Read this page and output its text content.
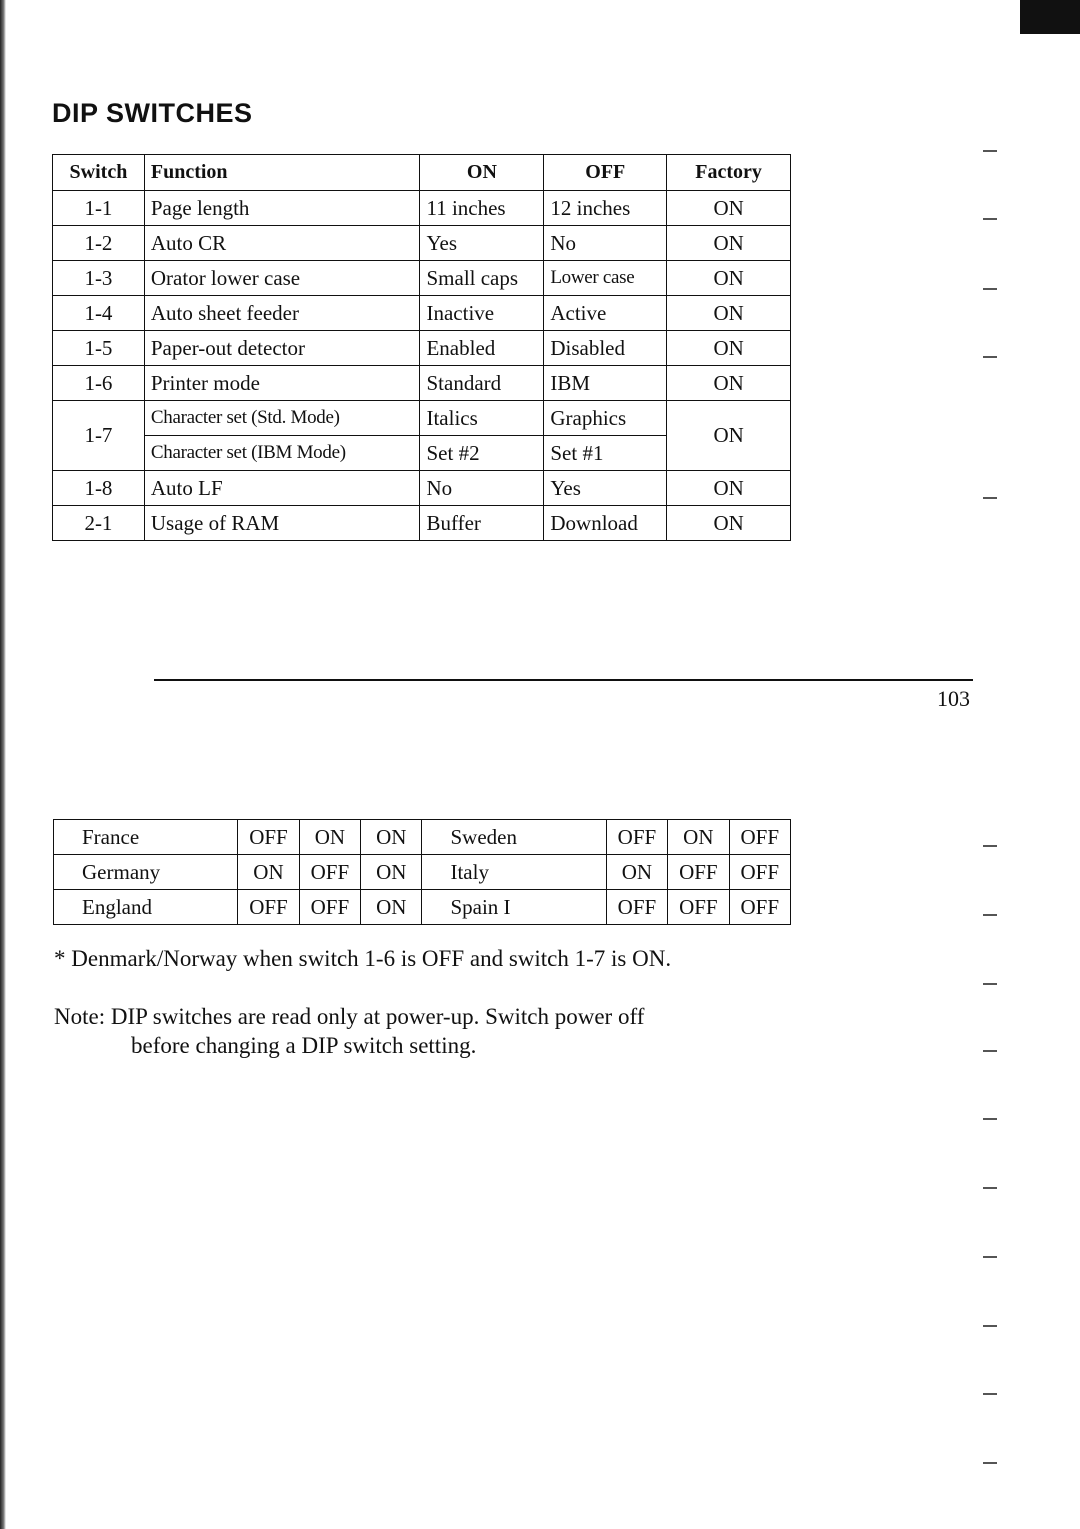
DIP SWITCHES
Switch	Function	ON	OFF	Factory
1-1	Page length	11 inches	12 inches	ON
1-2	Auto CR	Yes	No	ON
1-3	Orator lower case	Small caps	Lower case	ON
1-4	Auto sheet feeder	Inactive	Active	ON
1-5	Paper-out detector	Enabled	Disabled	ON
1-6	Printer mode	Standard	IBM	ON
1-7	Character set (Std. Mode)	Italics	Graphics	ON
	Character set (IBM Mode)	Set #2	Set #1	
1-8	Auto LF	No	Yes	ON
2-1	Usage of RAM	Buffer	Download	ON
103
France	OFF	ON	ON	Sweden	OFF	ON	OFF
Germany	ON	OFF	ON	Italy	ON	OFF	OFF
England	OFF	OFF	ON	Spain I	OFF	OFF	OFF

* Denmark/Norway when switch 1-6 is OFF and switch 1-7 is ON.

Note: DIP switches are read only at power-up. Switch power off
before changing a DIP switch setting.
